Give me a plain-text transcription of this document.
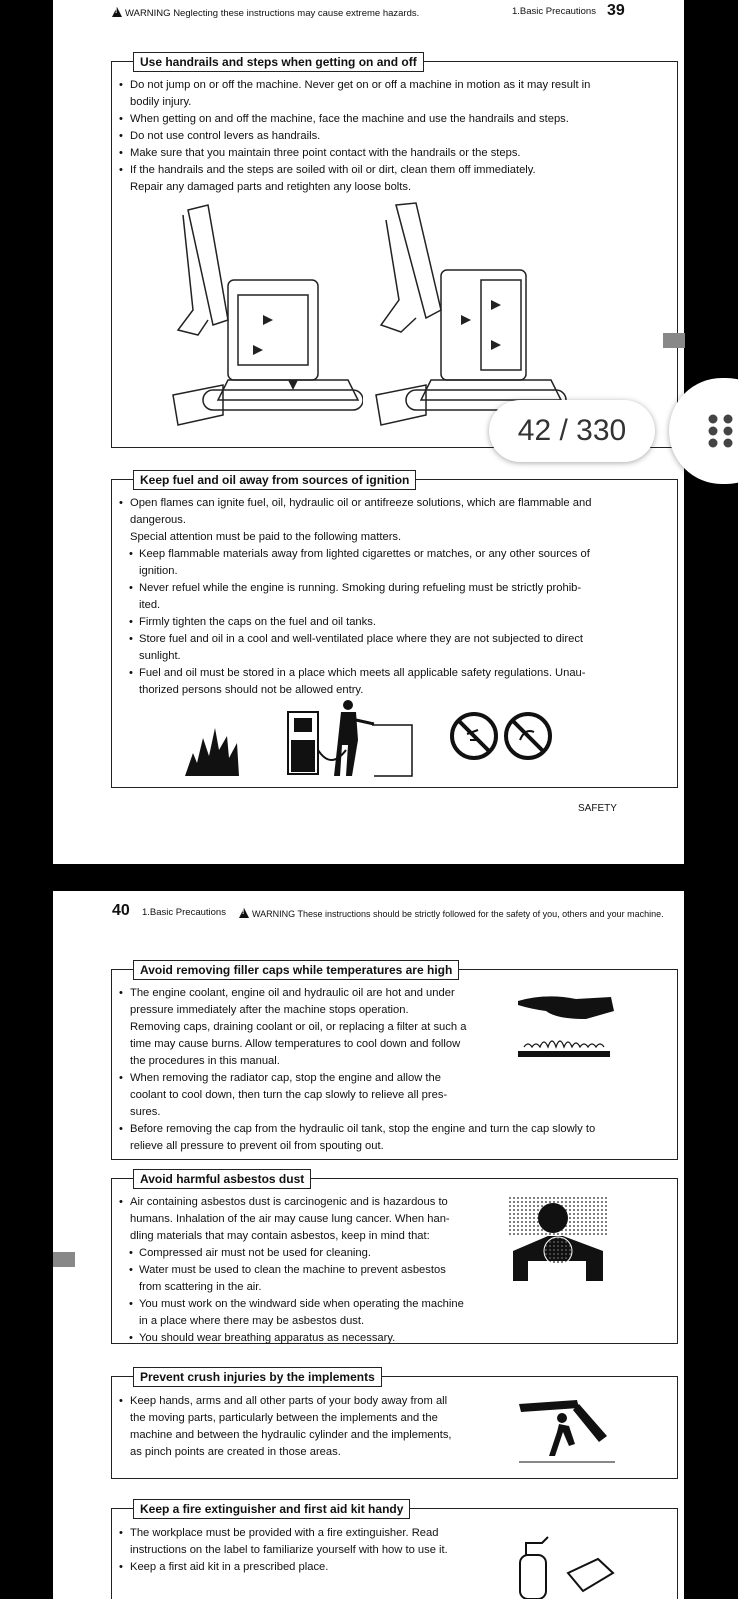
!WARNING Neglecting these instructions may cause extreme hazards.	1.Basic Precautions 39
Use handrails and steps when getting on and off
• Do not jump on or off the machine. Never get on or off a machine in motion as it may result in
bodily injury.
• When getting on and off the machine, face the machine and use the handrails and steps.
• Do not use control levers as handrails.
• Make sure that you maintain three point contact with the handrails or the steps.
• If the handrails and the steps are soiled with oil or dirt, clean them off immediately.
Repair any damaged parts and retighten any loose bolts.
Keep fuel and oil away from sources of ignition
• Open flames can ignite fuel, oil, hydraulic oil or antifreeze solutions, which are flammable and
dangerous.
Special attention must be paid to the following matters.
• Keep flammable materials away from lighted cigarettes or matches, or any other sources of
ignition.
• Never refuel while the engine is running. Smoking during refueling must be strictly prohib-
ited.
• Firmly tighten the caps on the fuel and oil tanks.
• Store fuel and oil in a cool and well-ventilated place where they are not subjected to direct
sunlight.
• Fuel and oil must be stored in a place which meets all applicable safety regulations. Unau-
thorized persons should not be allowed entry.
SAFETY
40 1.Basic Precautions
!	WARNING These instructions should be strictly followed for the safety of you, others and your machine.
Avoid removing filler caps while temperatures are high
• The engine coolant, engine oil and hydraulic oil are hot and under
pressure immediately after the machine stops operation.
Removing caps, draining coolant or oil, or replacing a filter at such a
time may cause burns. Allow temperatures to cool down and follow
the procedures in this manual.
• When removing the radiator cap, stop the engine and allow the
coolant to cool down, then turn the cap slowly to relieve all pres-
sures.
• Before removing the cap from the hydraulic oil tank, stop the engine and turn the cap slowly to
relieve all pressure to prevent oil from spouting out.
Avoid harmful asbestos dust
• Air containing asbestos dust is carcinogenic and is hazardous to
humans. Inhalation of the air may cause lung cancer. When han-
dling materials that may contain asbestos, keep in mind that:
• Compressed air must not be used for cleaning.
• Water must be used to clean the machine to prevent asbestos
from scattering in the air.
• You must work on the windward side when operating the machine
in a place where there may be asbestos dust.
• You should wear breathing apparatus as necessary.
Prevent crush injuries by the implements
• Keep hands, arms and all other parts of your body away from all
the moving parts, particularly between the implements and the
machine and between the hydraulic cylinder and the implements,
as pinch points are created in those areas.
Keep a fire extinguisher and first aid kit handy
• The workplace must be provided with a fire extinguisher. Read
instructions on the label to familiarize yourself with how to use it.
• Keep a first aid kit in a prescribed place.
42 / 330
